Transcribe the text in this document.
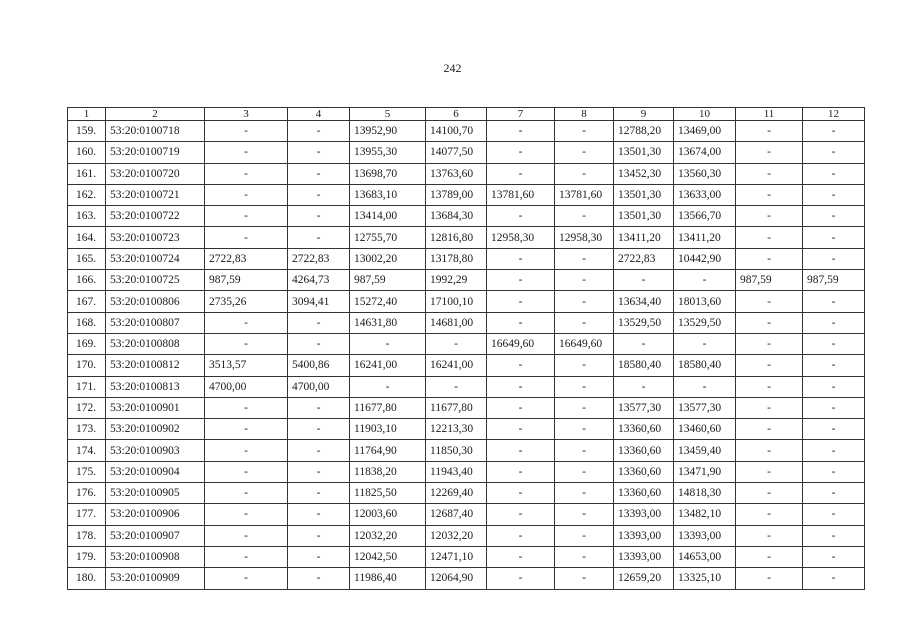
242
1	2	3	4	5	6	7	8	9	10	11	12
159.	53:20:0100718	-	-	13952,90	14100,70	-	-	12788,20	13469,00	-	-
160.	53:20:0100719	-	-	13955,30	14077,50	-	-	13501,30	13674,00	-	-
161.	53:20:0100720	-	-	13698,70	13763,60	-	-	13452,30	13560,30	-	-
162.	53:20:0100721	-	-	13683,10	13789,00	13781,60	13781,60	13501,30	13633,00	-	-
163.	53:20:0100722	-	-	13414,00	13684,30	-	-	13501,30	13566,70	-	-
164.	53:20:0100723	-	-	12755,70	12816,80	12958,30	12958,30	13411,20	13411,20	-	-
165.	53:20:0100724	2722,83	2722,83	13002,20	13178,80	-	-	2722,83	10442,90	-	-
166.	53:20:0100725	987,59	4264,73	987,59	1992,29	-	-	-	-	987,59	987,59
167.	53:20:0100806	2735,26	3094,41	15272,40	17100,10	-	-	13634,40	18013,60	-	-
168.	53:20:0100807	-	-	14631,80	14681,00	-	-	13529,50	13529,50	-	-
169.	53:20:0100808	-	-	-	-	16649,60	16649,60	-	-	-	-
170.	53:20:0100812	3513,57	5400,86	16241,00	16241,00	-	-	18580,40	18580,40	-	-
171.	53:20:0100813	4700,00	4700,00	-	-	-	-	-	-	-	-
172.	53:20:0100901	-	-	11677,80	11677,80	-	-	13577,30	13577,30	-	-
173.	53:20:0100902	-	-	11903,10	12213,30	-	-	13360,60	13460,60	-	-
174.	53:20:0100903	-	-	11764,90	11850,30	-	-	13360,60	13459,40	-	-
175.	53:20:0100904	-	-	11838,20	11943,40	-	-	13360,60	13471,90	-	-
176.	53:20:0100905	-	-	11825,50	12269,40	-	-	13360,60	14818,30	-	-
177.	53:20:0100906	-	-	12003,60	12687,40	-	-	13393,00	13482,10	-	-
178.	53:20:0100907	-	-	12032,20	12032,20	-	-	13393,00	13393,00	-	-
179.	53:20:0100908	-	-	12042,50	12471,10	-	-	13393,00	14653,00	-	-
180.	53:20:0100909	-	-	11986,40	12064,90	-	-	12659,20	13325,10	-	-
